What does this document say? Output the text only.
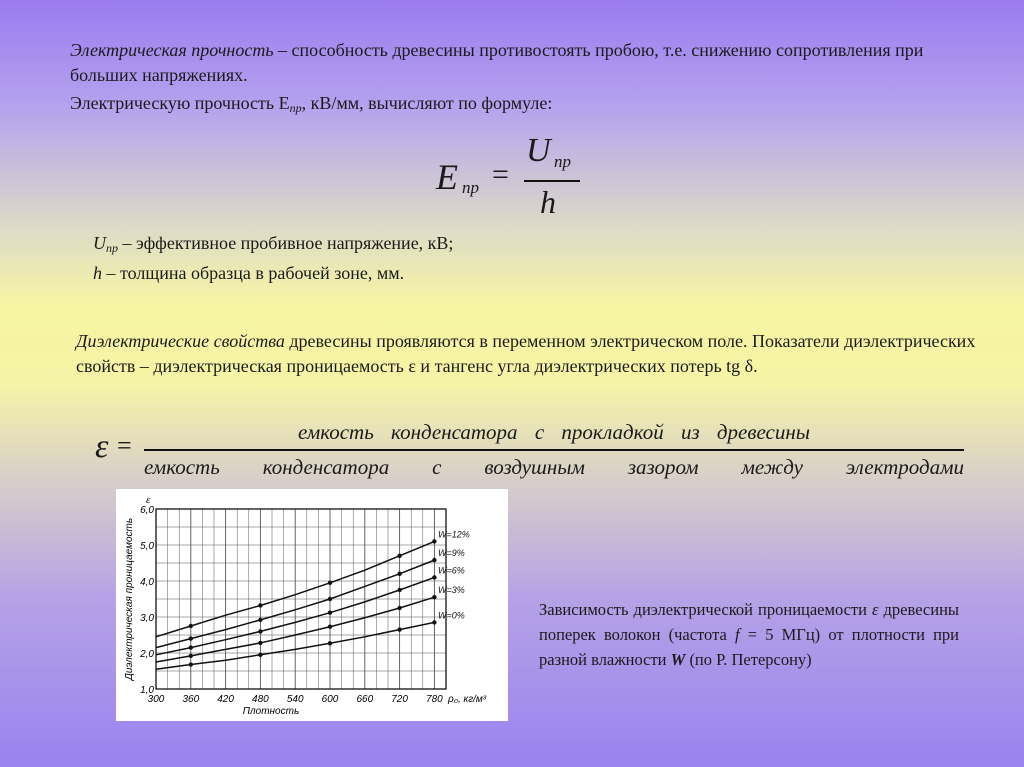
Электрическая прочность – способность древесины противостоять пробою, т.е. снижению сопротивления при больших напряжениях.
Электрическую прочность $Е_{пр}$, кВ/мм, вычисляют по формуле:
E пр =
U пр
h
$U_{пр}$ – эффективное пробивное напряжение, кВ;
h – толщина образца в рабочей зоне, мм.
Диэлектрические свойства древесины проявляются в переменном электрическом поле. Показатели диэлектрических свойств – диэлектрическая проницаемость ε и тангенс угла диэлектрических потерь tg δ.
ε =	емкость конденсатора с прокладкой из древесины
емкость конденсатора с воздушным зазором между электродами
300 360 420 480 540 600 660 720 780
1,0
2,0
3,0
4,0
5,0
6,0
ε
ρ₀, кг/м³
Плотность
Диэлектрическая проницаемость	W=12%
W=9%
W=6%
W=3%
W=0%	Зависимость диэлектрической проницаемости ε древесины поперек волокон (частота f = 5 МГц) от плотности при разной влажности W (по Р. Петерсону)
